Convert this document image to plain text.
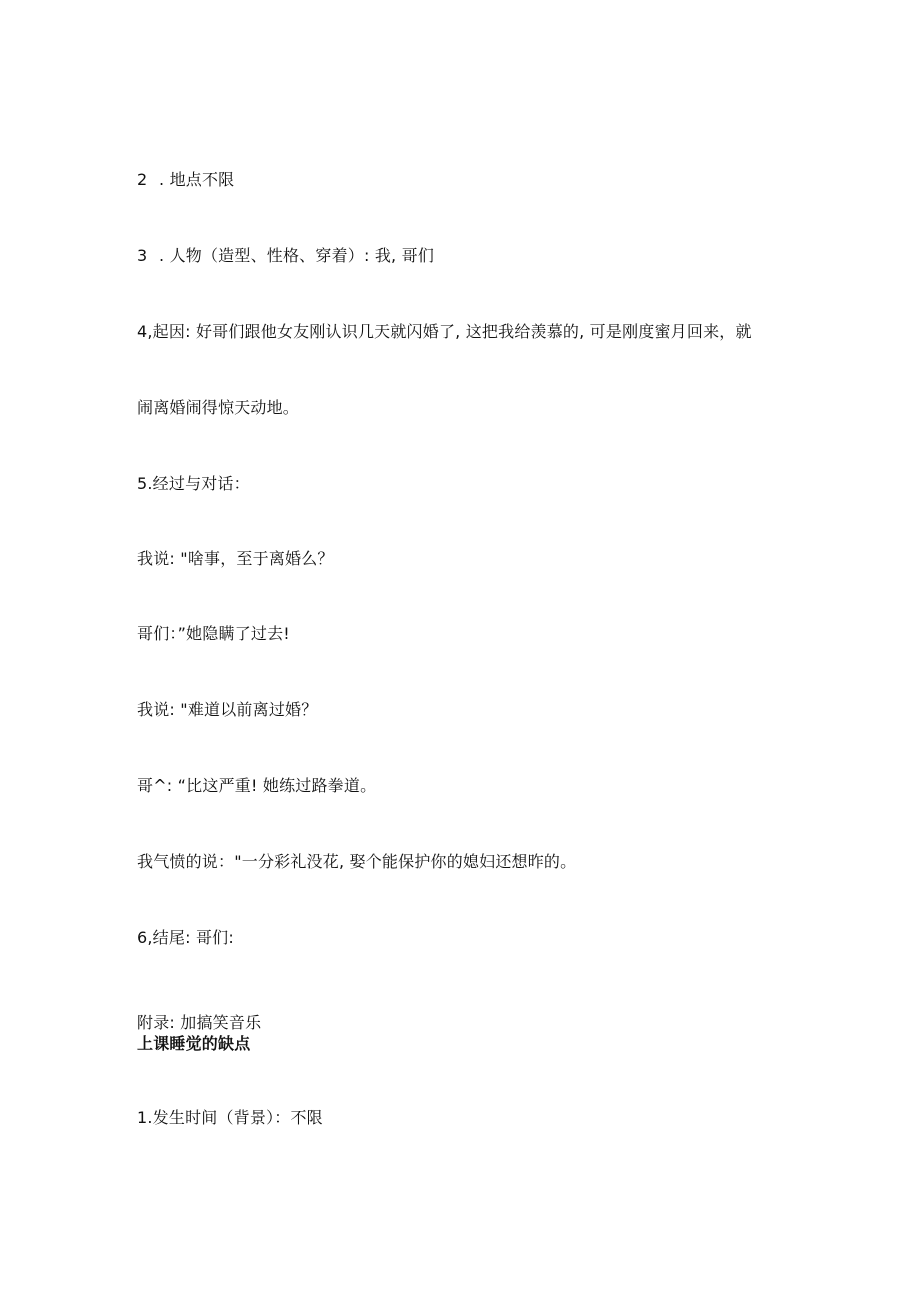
2 . 地点不限
3 . 人物（造型、性格、穿着）: 我, 哥们
4,起因: 好哥们跟他女友刚认识几天就闪婚了, 这把我给羡慕的, 可是刚度蜜月回来，就
闹离婚闹得惊天动地。
5.经过与对话：
我说: "啥事，至于离婚么？
哥们：”她隐瞒了过去!
我说: "难道以前离过婚？
哥^: “比这严重! 她练过路拳道。
我气愤的说："一分彩礼没花, 娶个能保护你的媳妇还想昨的。
6,结尾: 哥们:
附录: 加搞笑音乐
上课睡觉的缺点
1.发生时间（背景）：不限
